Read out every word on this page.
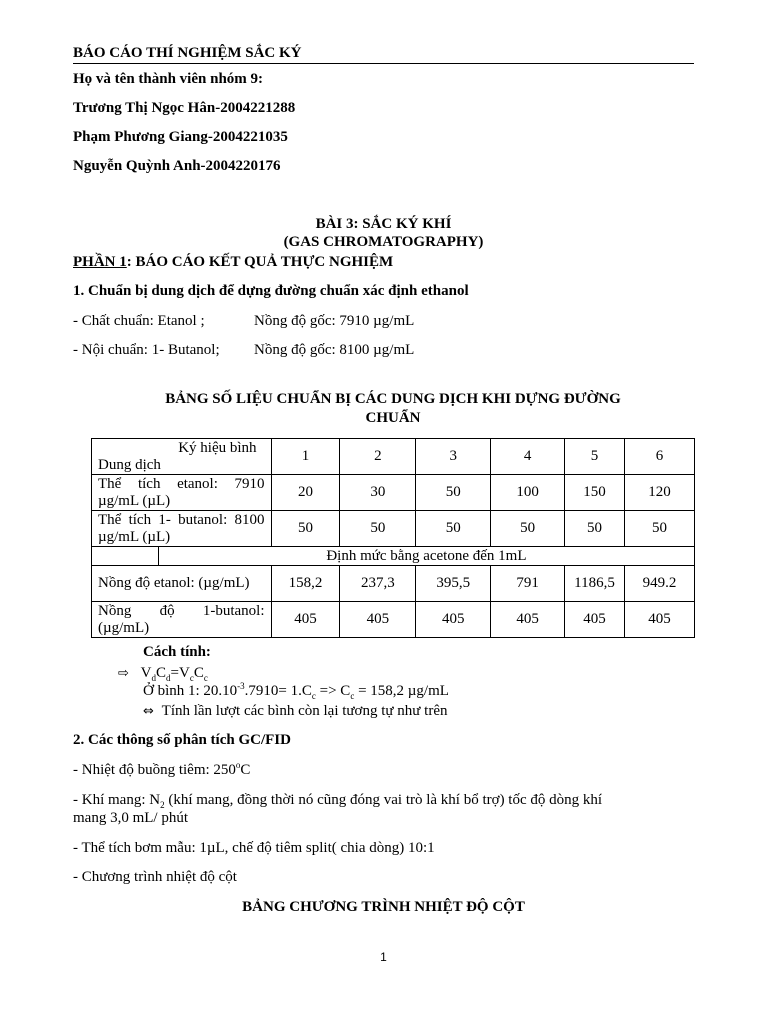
BÁO CÁO THÍ NGHIỆM SẮC KÝ
Họ và tên thành viên nhóm 9:
Trương Thị Ngọc Hân-2004221288
Phạm Phương Giang-2004221035
Nguyễn Quỳnh Anh-2004220176
BÀI 3: SẮC KÝ KHÍ
(GAS CHROMATOGRAPHY)
PHẦN 1: BÁO CÁO KẾT QUẢ THỰC NGHIỆM
1. Chuẩn bị dung dịch để dựng đường chuẩn xác định ethanol
- Chất chuẩn: Etanol ;	Nồng độ gốc: 7910 µg/mL
- Nội chuẩn: 1- Butanol; Nồng độ gốc: 8100 µg/mL
BẢNG SỐ LIỆU CHUẨN BỊ CÁC DUNG DỊCH KHI DỰNG ĐƯỜNG
CHUẨN
Ký hiệu bình
Dung dịch		1	2	3	4	5	6
Thể tích etanol: 7910 µg/mL (µL)		20	30	50	100	150	120
Thể tích 1- butanol: 8100 µg/mL (µL)		50	50	50	50	50	50
	Định mức bằng acetone đến 1mL						
Nồng độ etanol: (µg/mL)		158,2	237,3	395,5	791	1186,5	949.2
Nồng độ 1-butanol: (µg/mL)		405	405	405	405	405	405
Cách tính:
⇨ $V_dC_d=V_cC_c$
Ở bình 1: $20.10^{-3}.7910= 1.C_c => C_c = 158,2$ µg/mL
⇔ Tính lần lượt các bình còn lại tương tự như trên
2. Các thông số phân tích GC/FID
- Nhiệt độ buồng tiêm: 250$^o$C
- Khí mang: $N_2$ (khí mang, đồng thời nó cũng đóng vai trò là khí bổ trợ) tốc độ dòng khí
mang 3,0 mL/ phút
- Thể tích bơm mẫu: 1µL, chế độ tiêm split( chia dòng) 10:1
- Chương trình nhiệt độ cột
BẢNG CHƯƠNG TRÌNH NHIỆT ĐỘ CỘT
1
